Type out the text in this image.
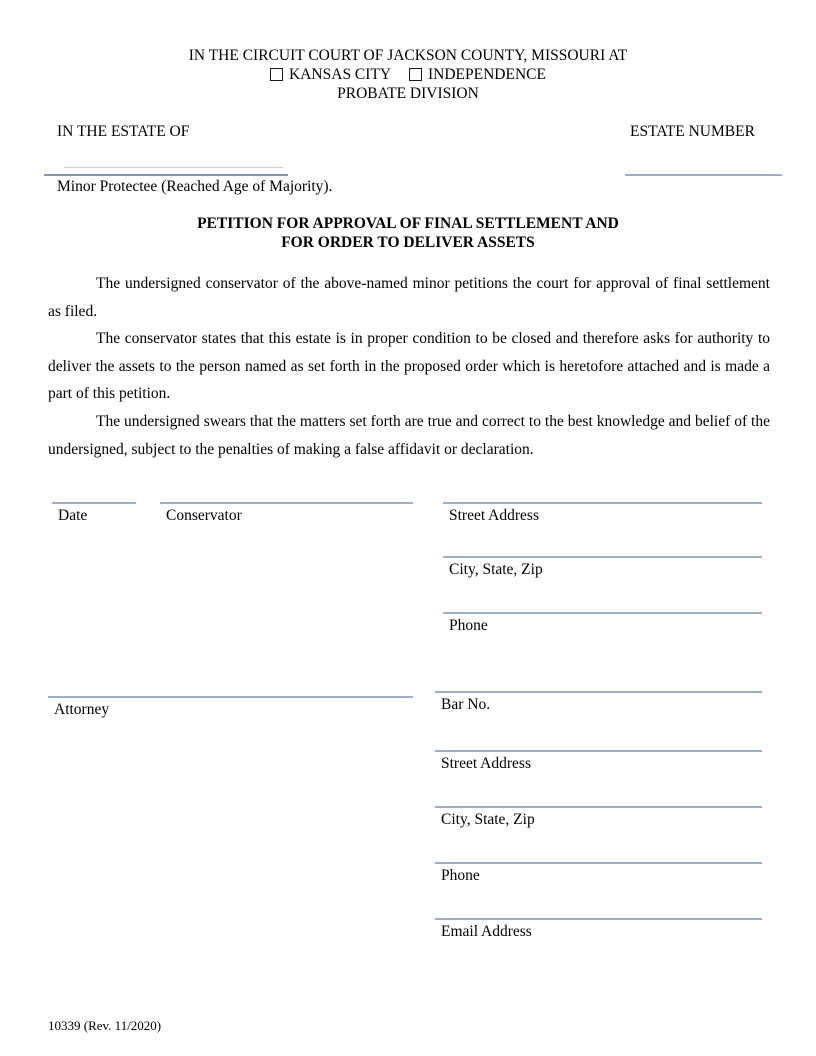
IN THE CIRCUIT COURT OF JACKSON COUNTY, MISSOURI AT
KANSAS CITY INDEPENDENCE
PROBATE DIVISION
IN THE ESTATE OF	ESTATE NUMBER
Minor Protectee (Reached Age of Majority).
PETITION FOR APPROVAL OF FINAL SETTLEMENT AND
FOR ORDER TO DELIVER ASSETS

The undersigned conservator of the above-named minor petitions the court for approval of final settlement as filed.

The conservator states that this estate is in proper condition to be closed and therefore asks for authority to deliver the assets to the person named as set forth in the proposed order which is heretofore attached and is made a part of this petition.

The undersigned swears that the matters set forth are true and correct to the best knowledge and belief of the undersigned, subject to the penalties of making a false affidavit or declaration.

Date	Conservator	Street Address
City, State, Zip
Phone
Attorney	Bar No.
Street Address
City, State, Zip
Phone
Email Address
10339 (Rev. 11/2020)
